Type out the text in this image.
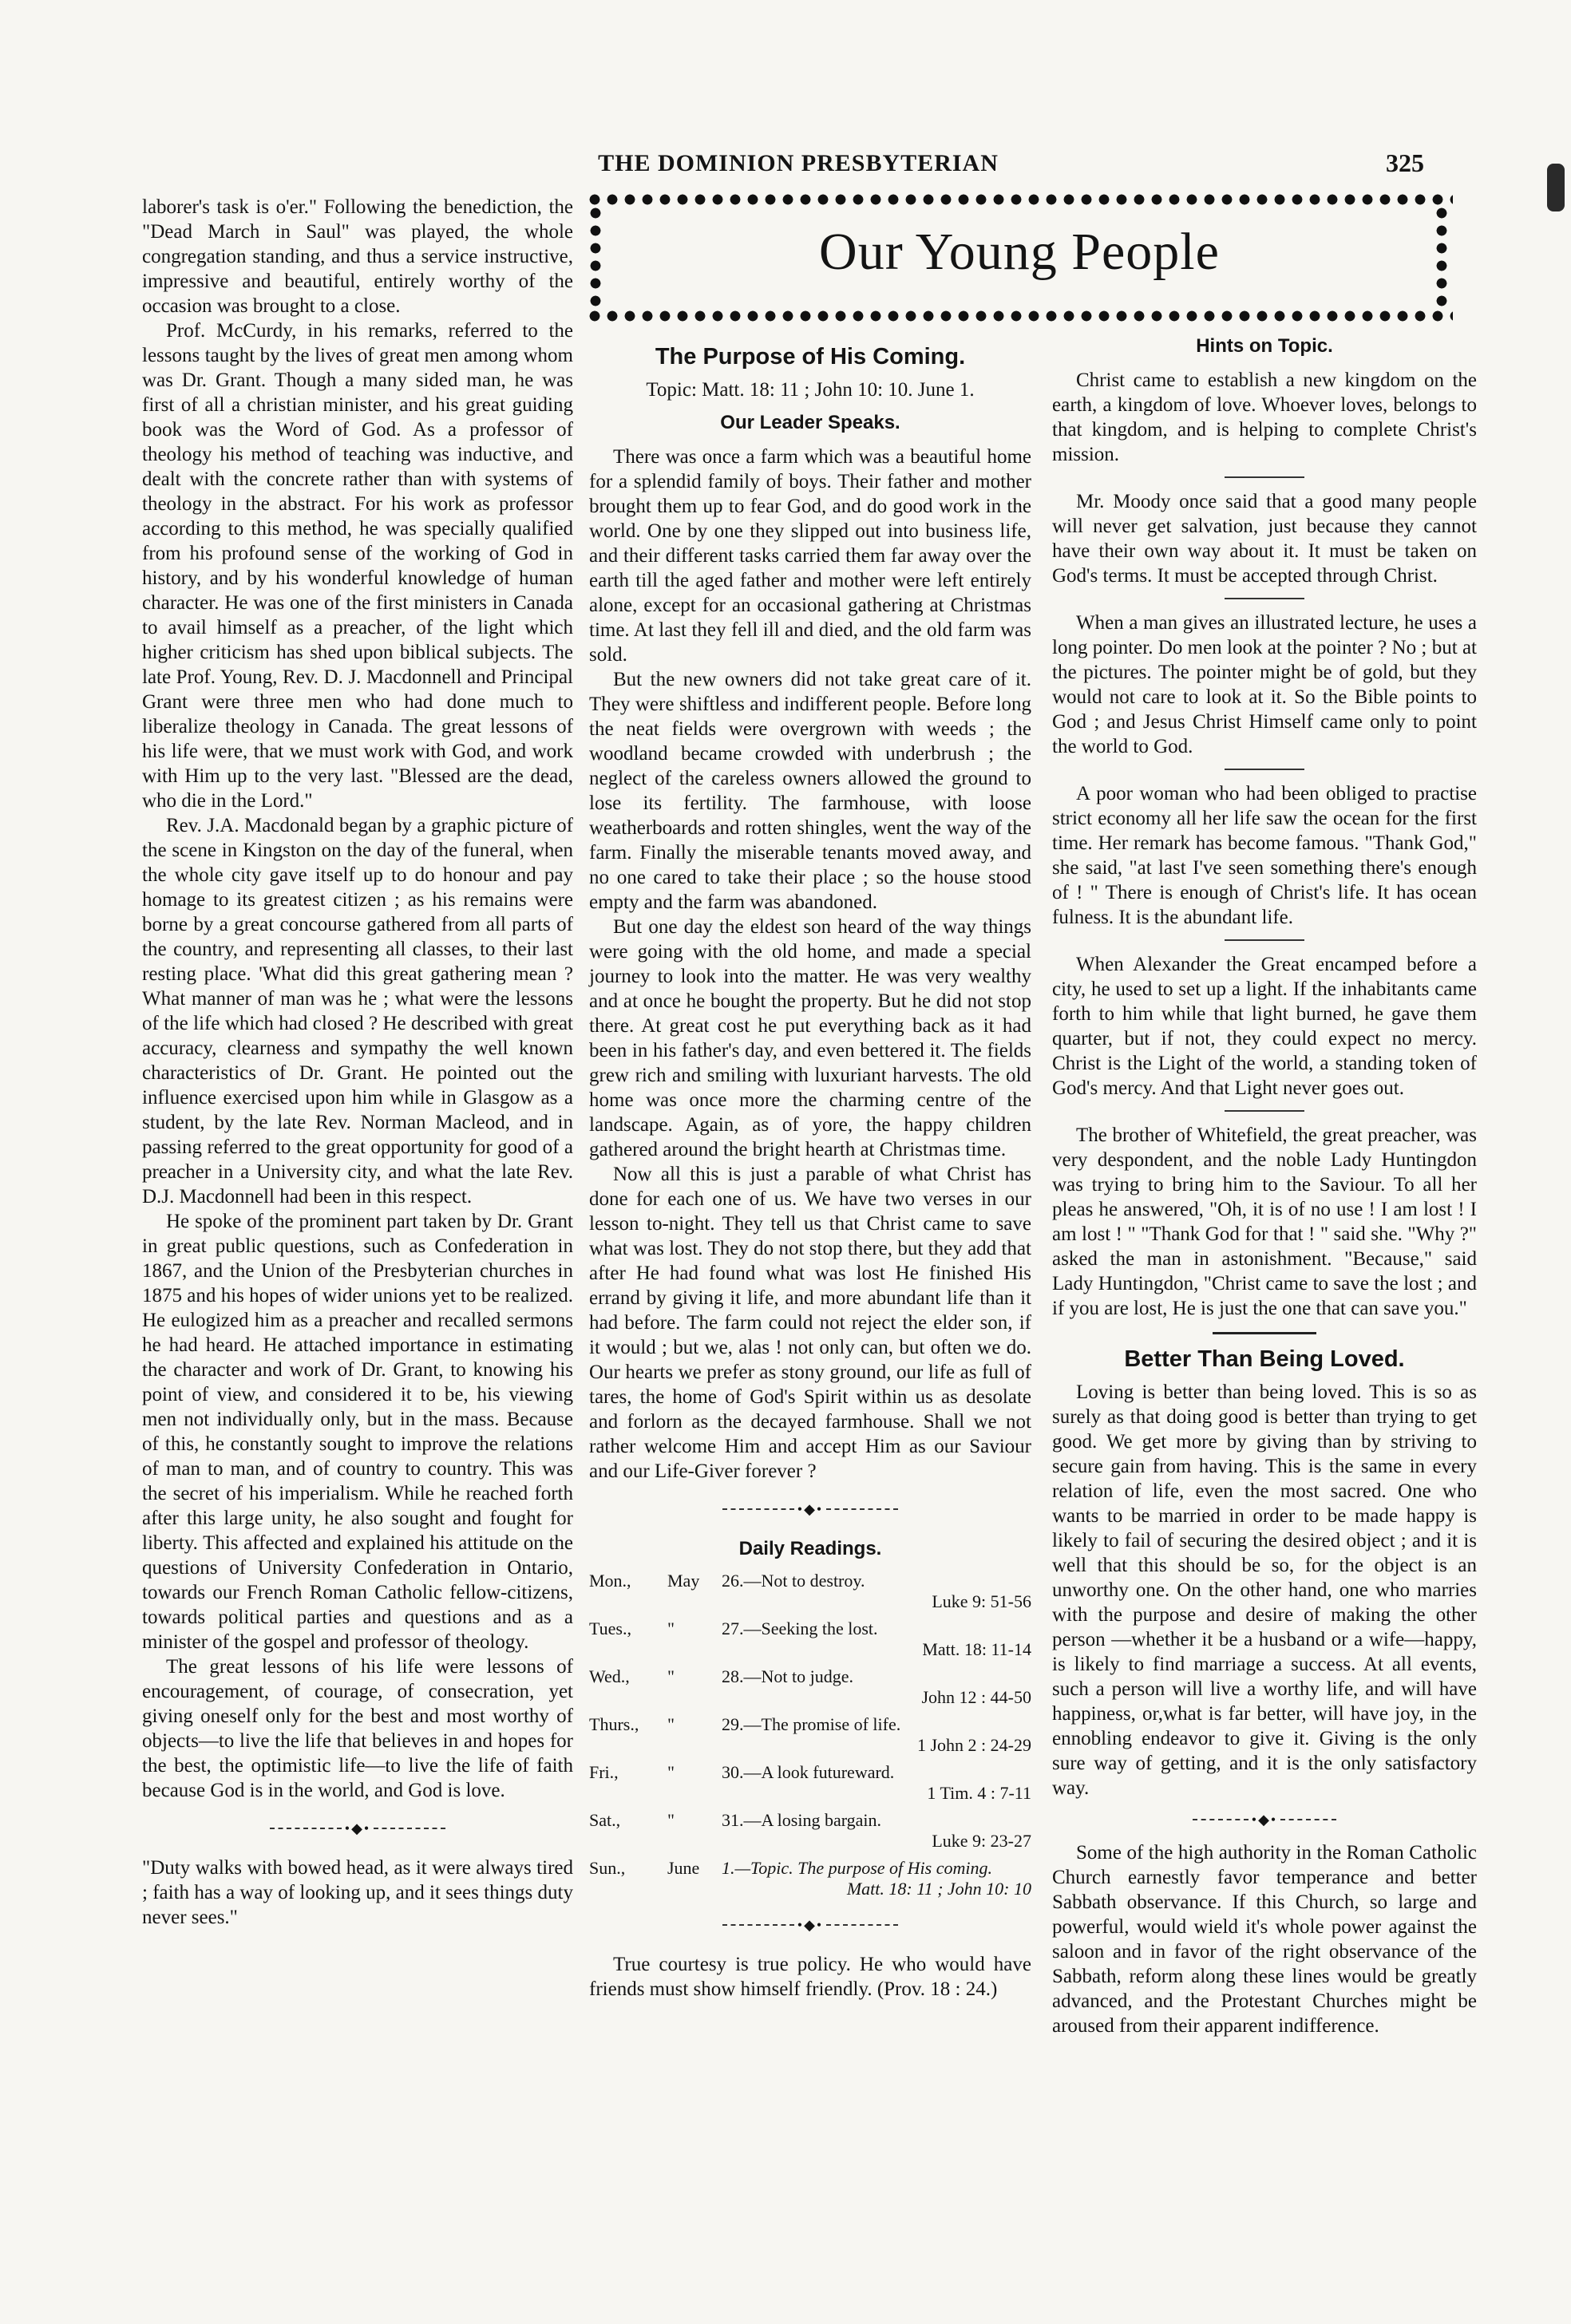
THE DOMINION PRESBYTERIAN	325

laborer's task is o'er." Following the benediction, the "Dead March in Saul" was played, the whole congregation standing, and thus a service instructive, impressive and beautiful, entirely worthy of the occasion was brought to a close.

Prof. McCurdy, in his remarks, referred to the lessons taught by the lives of great men among whom was Dr. Grant. Though a many sided man, he was first of all a christian minister, and his great guiding book was the Word of God. As a professor of theology his method of teaching was inductive, and dealt with the concrete rather than with systems of theology in the abstract. For his work as professor according to this method, he was specially qualified from his profound sense of the working of God in history, and by his wonderful knowledge of human character. He was one of the first ministers in Canada to avail himself as a preacher, of the light which higher criticism has shed upon biblical subjects. The late Prof. Young, Rev. D. J. Macdonnell and Principal Grant were three men who had done much to liberalize theology in Canada. The great lessons of his life were, that we must work with God, and work with Him up to the very last. "Blessed are the dead, who die in the Lord."

Rev. J.A. Macdonald began by a graphic picture of the scene in Kingston on the day of the funeral, when the whole city gave itself up to do honour and pay homage to its greatest citizen ; as his remains were borne by a great concourse gathered from all parts of the country, and representing all classes, to their last resting place. 'What did this great gathering mean ? What manner of man was he ; what were the lessons of the life which had closed ? He described with great accuracy, clearness and sympathy the well known characteristics of Dr. Grant. He pointed out the influence exercised upon him while in Glasgow as a student, by the late Rev. Norman Macleod, and in passing referred to the great opportunity for good of a preacher in a University city, and what the late Rev. D.J. Macdonnell had been in this respect.

He spoke of the prominent part taken by Dr. Grant in great public questions, such as Confederation in 1867, and the Union of the Presbyterian churches in 1875 and his hopes of wider unions yet to be realized. He eulogized him as a preacher and recalled sermons he had heard. He attached importance in estimating the character and work of Dr. Grant, to knowing his point of view, and considered it to be, his viewing men not individually only, but in the mass. Because of this, he constantly sought to improve the relations of man to man, and of country to country. This was the secret of his imperialism. While he reached forth after this large unity, he also sought and fought for liberty. This affected and explained his attitude on the questions of University Confederation in Ontario, towards our French Roman Catholic fellow-citizens, towards political parties and questions and as a minister of the gospel and professor of theology.

The great lessons of his life were lessons of encouragement, of courage, of consecration, yet giving oneself only for the best and most worthy of objects—to live the life that believes in and hopes for the best, the optimistic life—to live the life of faith because God is in the world, and God is love.

•◆•

"Duty walks with bowed head, as it were always tired ; faith has a way of looking up, and it sees things duty never sees."

Our Young People
The Purpose of His Coming.

Topic: Matt. 18: 11 ; John 10: 10. June 1.

Our Leader Speaks.

There was once a farm which was a beautiful home for a splendid family of boys. Their father and mother brought them up to fear God, and do good work in the world. One by one they slipped out into business life, and their different tasks carried them far away over the earth till the aged father and mother were left entirely alone, except for an occasional gathering at Christmas time. At last they fell ill and died, and the old farm was sold.

But the new owners did not take great care of it. They were shiftless and indifferent people. Before long the neat fields were overgrown with weeds ; the woodland became crowded with underbrush ; the neglect of the careless owners allowed the ground to lose its fertility. The farmhouse, with loose weatherboards and rotten shingles, went the way of the farm. Finally the miserable tenants moved away, and no one cared to take their place ; so the house stood empty and the farm was abandoned.

But one day the eldest son heard of the way things were going with the old home, and made a special journey to look into the matter. He was very wealthy and at once he bought the property. But he did not stop there. At great cost he put everything back as it had been in his father's day, and even bettered it. The fields grew rich and smiling with luxuriant harvests. The old home was once more the charming centre of the landscape. Again, as of yore, the happy children gathered around the bright hearth at Christmas time.

Now all this is just a parable of what Christ has done for each one of us. We have two verses in our lesson to-night. They tell us that Christ came to save what was lost. They do not stop there, but they add that after He had found what was lost He finished His errand by giving it life, and more abundant life than it had before. The farm could not reject the elder son, if it would ; but we, alas ! not only can, but often we do. Our hearts we prefer as stony ground, our life as full of tares, the home of God's Spirit within us as desolate and forlorn as the decayed farmhouse. Shall we not rather welcome Him and accept Him as our Saviour and our Life-Giver forever ?

•◆•
Daily Readings.
Mon.,	May	26.—Not to destroy.
Luke 9: 51-56
Tues.,	"	27.—Seeking the lost.
Matt. 18: 11-14
Wed.,	"	28.—Not to judge.
John 12 : 44-50
Thurs.,	"	29.—The promise of life.
1 John 2 : 24-29
Fri.,	"	30.—A look futureward.
1 Tim. 4 : 7-11
Sat.,	"	31.—A losing bargain.
Luke 9: 23-27
Sun.,	June	1.—Topic. The purpose of His coming.
Matt. 18: 11 ; John 10: 10
•◆•

True courtesy is true policy. He who would have friends must show himself friendly. (Prov. 18 : 24.)

Hints on Topic.

Christ came to establish a new kingdom on the earth, a kingdom of love. Whoever loves, belongs to that kingdom, and is helping to complete Christ's mission.

Mr. Moody once said that a good many people will never get salvation, just because they cannot have their own way about it. It must be taken on God's terms. It must be accepted through Christ.

When a man gives an illustrated lecture, he uses a long pointer. Do men look at the pointer ? No ; but at the pictures. The pointer might be of gold, but they would not care to look at it. So the Bible points to God ; and Jesus Christ Himself came only to point the world to God.

A poor woman who had been obliged to practise strict economy all her life saw the ocean for the first time. Her remark has become famous. "Thank God," she said, "at last I've seen something there's enough of ! " There is enough of Christ's life. It has ocean fulness. It is the abundant life.

When Alexander the Great encamped before a city, he used to set up a light. If the inhabitants came forth to him while that light burned, he gave them quarter, but if not, they could expect no mercy. Christ is the Light of the world, a standing token of God's mercy. And that Light never goes out.

The brother of Whitefield, the great preacher, was very despondent, and the noble Lady Huntingdon was trying to bring him to the Saviour. To all her pleas he answered, "Oh, it is of no use ! I am lost ! I am lost ! " "Thank God for that ! " said she. "Why ?" asked the man in astonishment. "Because," said Lady Huntingdon, "Christ came to save the lost ; and if you are lost, He is just the one that can save you."

Better Than Being Loved.

Loving is better than being loved. This is so as surely as that doing good is better than trying to get good. We get more by giving than by striving to secure gain from having. This is the same in every relation of life, even the most sacred. One who wants to be married in order to be made happy is likely to fail of securing the desired object ; and it is well that this should be so, for the object is an unworthy one. On the other hand, one who marries with the purpose and desire of making the other person —whether it be a husband or a wife—happy, is likely to find marriage a success. At all events, such a person will live a worthy life, and will have happiness, or,what is far better, will have joy, in the ennobling endeavor to give it. Giving is the only sure way of getting, and it is the only satisfactory way.

•◆•

Some of the high authority in the Roman Catholic Church earnestly favor temperance and better Sabbath observance. If this Church, so large and powerful, would wield it's whole power against the saloon and in favor of the right observance of the Sabbath, reform along these lines would be greatly advanced, and the Protestant Churches might be aroused from their apparent indifference.
